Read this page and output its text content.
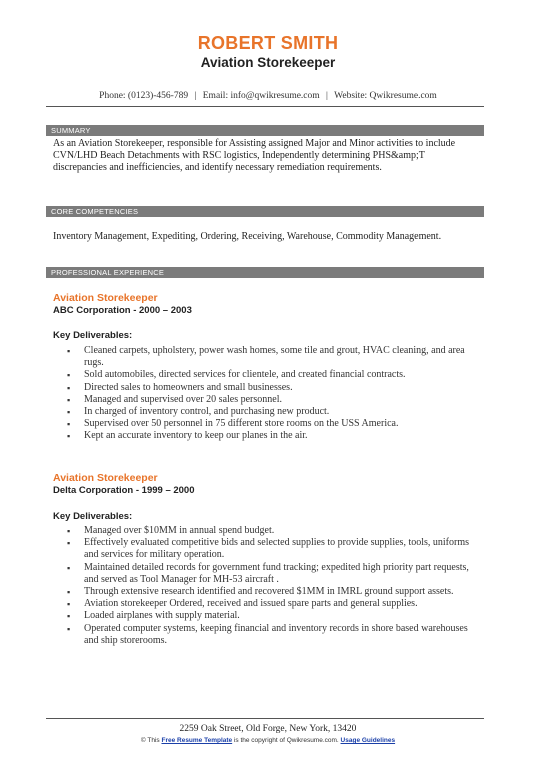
ROBERT SMITH
Aviation Storekeeper
Phone: (0123)-456-789 | Email: info@qwikresume.com | Website: Qwikresume.com
SUMMARY
As an Aviation Storekeeper, responsible for Assisting assigned Major and Minor activities to include CVN/LHD Beach Detachments with RSC logistics, Independently determining PHS&amp;T discrepancies and inefficiencies, and identify necessary remediation requirements.
CORE COMPETENCIES
Inventory Management, Expediting, Ordering, Receiving, Warehouse, Commodity Management.
PROFESSIONAL EXPERIENCE
Aviation Storekeeper
ABC Corporation - 2000 – 2003
Key Deliverables:
▪ Cleaned carpets, upholstery, power wash homes, some tile and grout, HVAC cleaning, and area rugs.
▪ Sold automobiles, directed services for clientele, and created financial contracts.
▪ Directed sales to homeowners and small businesses.
▪ Managed and supervised over 20 sales personnel.
▪ In charged of inventory control, and purchasing new product.
▪ Supervised over 50 personnel in 75 different store rooms on the USS America.
▪ Kept an accurate inventory to keep our planes in the air.
Aviation Storekeeper
Delta Corporation - 1999 – 2000
Key Deliverables:
▪ Managed over $10MM in annual spend budget.
▪ Effectively evaluated competitive bids and selected supplies to provide supplies, tools, uniforms and services for military operation.
▪ Maintained detailed records for government fund tracking; expedited high priority part requests, and served as Tool Manager for MH-53 aircraft .
▪ Through extensive research identified and recovered $1MM in IMRL ground support assets.
▪ Aviation storekeeper Ordered, received and issued spare parts and general supplies.
▪ Loaded airplanes with supply material.
▪ Operated computer systems, keeping financial and inventory records in shore based warehouses and ship storerooms.
2259 Oak Street, Old Forge, New York, 13420
© This Free Resume Template is the copyright of Qwikresume.com. Usage Guidelines
